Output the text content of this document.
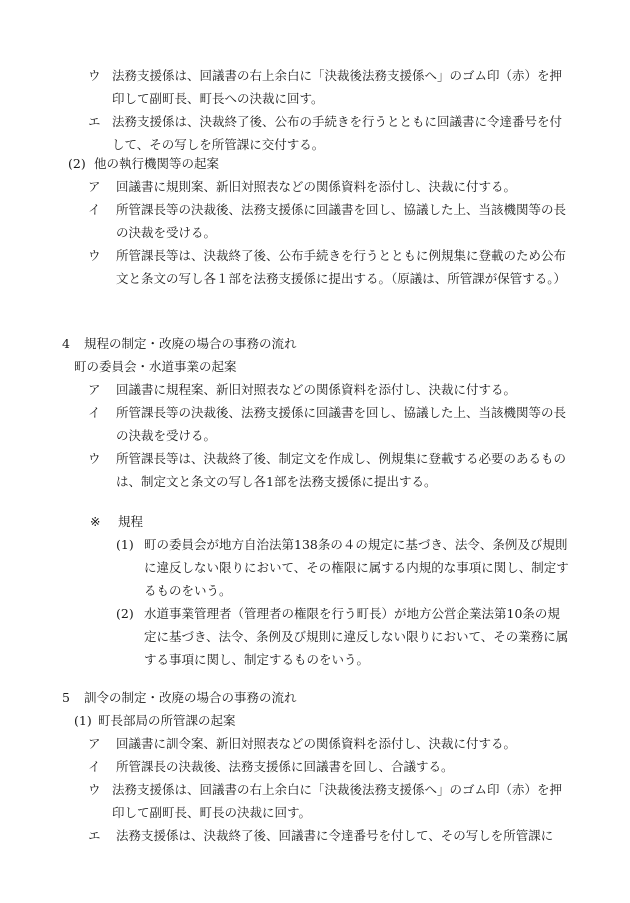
ウ 法務支援係は、回議書の右上余白に「決裁後法務支援係へ」のゴム印（赤）を押印して副町長、町長への決裁に回す。
エ 法務支援係は、決裁終了後、公布の手続きを行うとともに回議書に令達番号を付して、その写しを所管課に交付する。
(2) 他の執行機関等の起案
ア	回議書に規則案、新旧対照表などの関係資料を添付し、決裁に付する。
イ	所管課長等の決裁後、法務支援係に回議書を回し、協議した上、当該機関等の長の決裁を受ける。
ウ	所管課長等は、決裁終了後、公布手続きを行うとともに例規集に登載のため公布文と条文の写し各１部を法務支援係に提出する。（原議は、所管課が保管する。）
4	規程の制定・改廃の場合の事務の流れ
町の委員会・水道事業の起案
ア	回議書に規程案、新旧対照表などの関係資料を添付し、決裁に付する。
イ	所管課長等の決裁後、法務支援係に回議書を回し、協議した上、当該機関等の長の決裁を受ける。
ウ	所管課長等は、決裁終了後、制定文を作成し、例規集に登載する必要のあるものは、制定文と条文の写し各1部を法務支援係に提出する。
※	規程
(1) 町の委員会が地方自治法第138条の４の規定に基づき、法令、条例及び規則に違反しない限りにおいて、その権限に属する内規的な事項に関し、制定するものをいう。
(2) 水道事業管理者（管理者の権限を行う町長）が地方公営企業法第10条の規定に基づき、法令、条例及び規則に違反しない限りにおいて、その業務に属する事項に関し、制定するものをいう。
5	訓令の制定・改廃の場合の事務の流れ
(1) 町長部局の所管課の起案
ア	回議書に訓令案、新旧対照表などの関係資料を添付し、決裁に付する。
イ	所管課長の決裁後、法務支援係に回議書を回し、合議する。
ウ 法務支援係は、回議書の右上余白に「決裁後法務支援係へ」のゴム印（赤）を押印して副町長、町長の決裁に回す。
エ	法務支援係は、決裁終了後、回議書に令達番号を付して、その写しを所管課に
